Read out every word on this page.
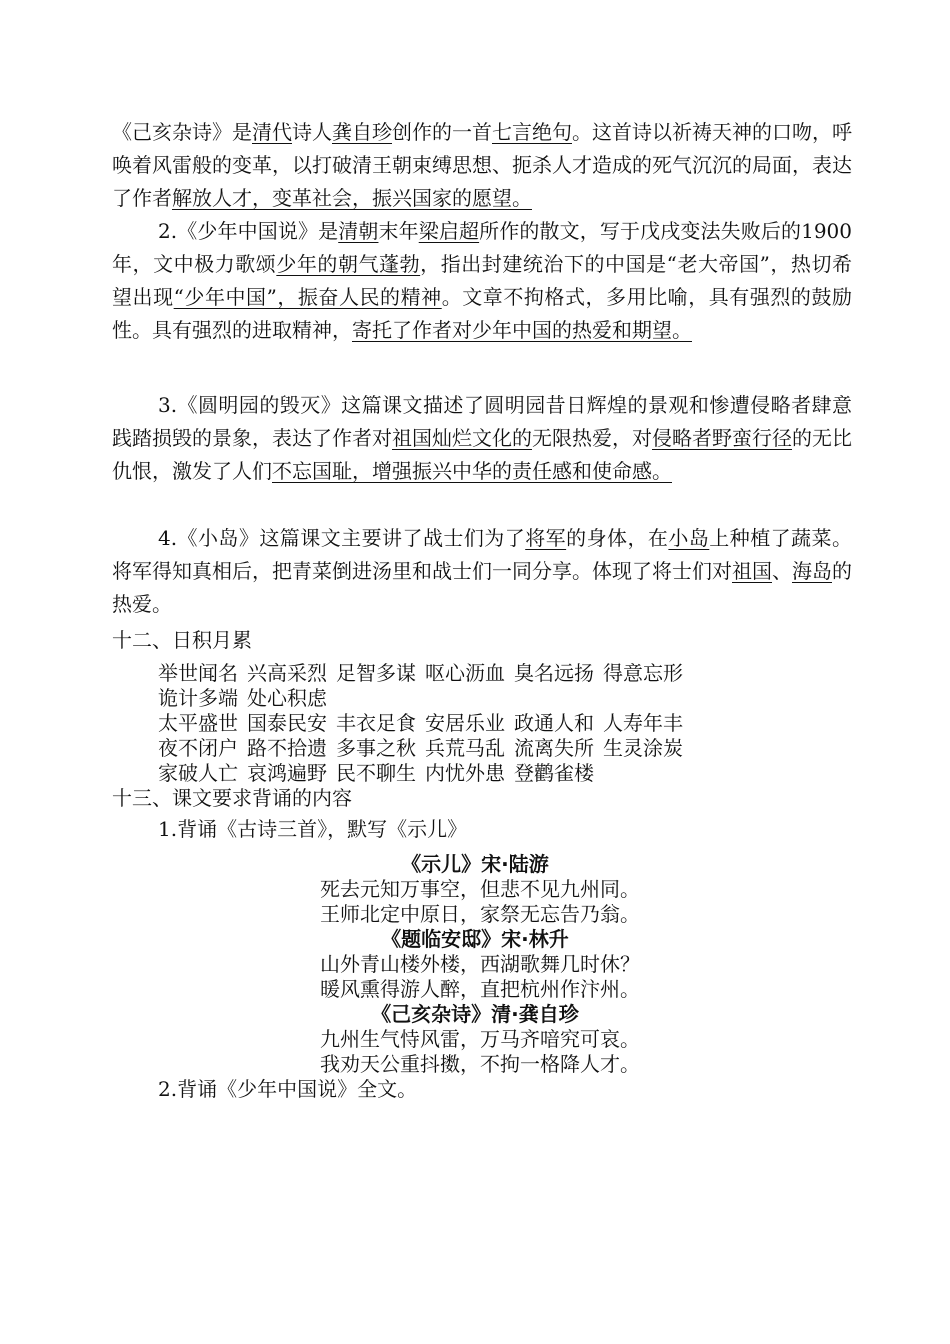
《己亥杂诗》是清代诗人龚自珍创作的一首七言绝句。这首诗以祈祷天神的口吻，呼唤着风雷般的变革，以打破清王朝束缚思想、扼杀人才造成的死气沉沉的局面，表达了作者解放人才，变革社会，振兴国家的愿望。

2.《少年中国说》是清朝末年梁启超所作的散文，写于戊戌变法失败后的1900年，文中极力歌颂少年的朝气蓬勃，指出封建统治下的中国是“老大帝国”，热切希望出现“少年中国”，振奋人民的精神。文章不拘格式，多用比喻，具有强烈的鼓励性。具有强烈的进取精神，寄托了作者对少年中国的热爱和期望。

3.《圆明园的毁灭》这篇课文描述了圆明园昔日辉煌的景观和惨遭侵略者肆意践踏损毁的景象，表达了作者对祖国灿烂文化的无限热爱，对侵略者野蛮行径的无比仇恨，激发了人们不忘国耻，增强振兴中华的责任感和使命感。

4.《小岛》这篇课文主要讲了战士们为了将军的身体，在小岛上种植了蔬菜。将军得知真相后，把青菜倒进汤里和战士们一同分享。体现了将士们对祖国、海岛的热爱。

十二、日积月累
举世闻名 兴高采烈 足智多谋 呕心沥血 臭名远扬 得意忘形
诡计多端 处心积虑
太平盛世 国泰民安 丰衣足食 安居乐业 政通人和 人寿年丰
夜不闭户 路不拾遗 多事之秋 兵荒马乱 流离失所 生灵涂炭
家破人亡 哀鸿遍野 民不聊生 内忧外患 登鹳雀楼
十三、课文要求背诵的内容
1.背诵《古诗三首》，默写《示儿》
《示儿》宋·陆游
死去元知万事空，但悲不见九州同。
王师北定中原日，家祭无忘告乃翁。
《题临安邸》宋·林升
山外青山楼外楼，西湖歌舞几时休？
暖风熏得游人醉，直把杭州作汴州。
《己亥杂诗》清·龚自珍
九州生气恃风雷，万马齐喑究可哀。
我劝天公重抖擞，不拘一格降人才。
2.背诵《少年中国说》全文。
